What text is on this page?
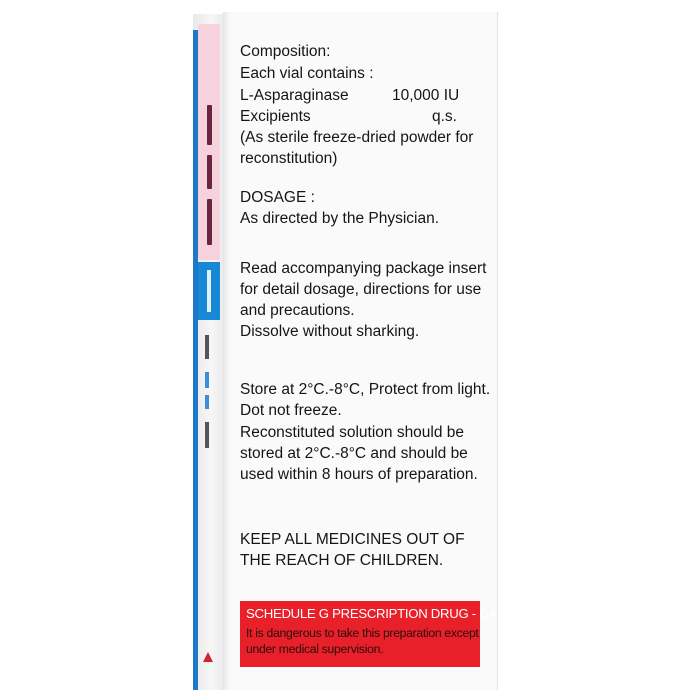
Composition:
Each vial contains :
L-Asparaginase	10,000 IU
Excipients	q.s.
(As sterile freeze-dried powder for
reconstitution)
DOSAGE :
As directed by the Physician.
Read accompanying package insert
for detail dosage, directions for use
and precautions.
Dissolve without sharking.
Store at 2°C.-8°C, Protect from light.
Dot not freeze.
Reconstituted solution should be
stored at 2°C.-8°C and should be
used within 8 hours of preparation.
KEEP ALL MEDICINES OUT OF
THE REACH OF CHILDREN.
SCHEDULE G PRESCRIPTION DRUG - CAUTION
It is dangerous to take this preparation except
under medical supervision.
